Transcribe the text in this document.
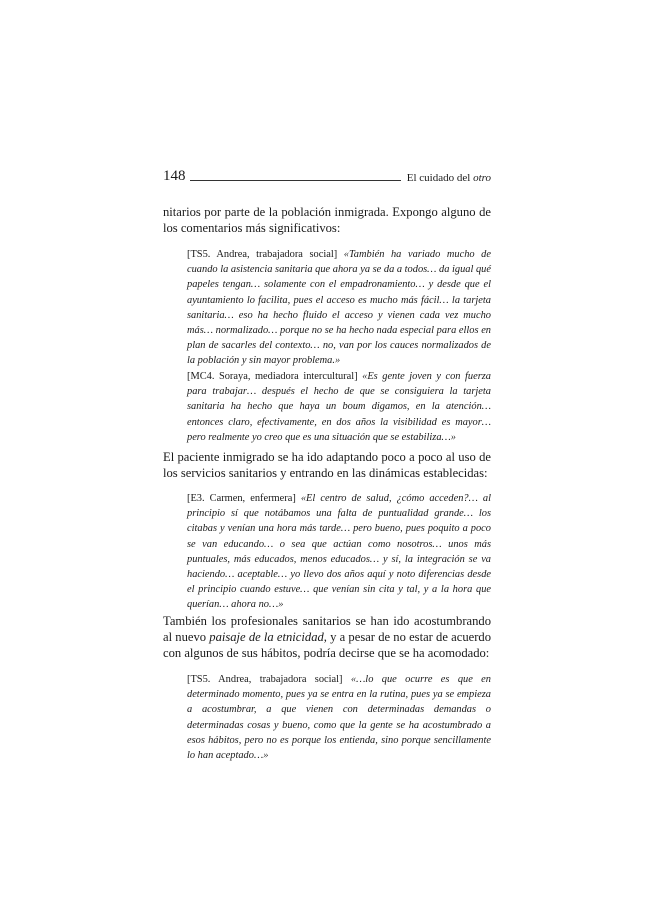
148	El cuidado del otro

nitarios por parte de la población inmigrada. Expongo alguno de los comentarios más significativos:

[TS5. Andrea, trabajadora social] «También ha variado mucho de cuando la asistencia sanitaria que ahora ya se da a todos… da igual qué papeles tengan… solamente con el empadronamiento… y desde que el ayuntamiento lo facilita, pues el acceso es mucho más fácil… la tarjeta sanitaria… eso ha hecho fluido el acceso y vienen cada vez mucho más… normalizado… porque no se ha hecho nada especial para ellos en plan de sacarles del contexto… no, van por los cauces normalizados de la población y sin mayor problema.»

[MC4. Soraya, mediadora intercultural] «Es gente joven y con fuerza para trabajar… después el hecho de que se consiguiera la tarjeta sanitaria ha hecho que haya un boum digamos, en la atención… entonces claro, efectivamente, en dos años la visibilidad es mayor… pero realmente yo creo que es una situación que se estabiliza…»

El paciente inmigrado se ha ido adaptando poco a poco al uso de los servicios sanitarios y entrando en las dinámicas establecidas:

[E3. Carmen, enfermera] «El centro de salud, ¿cómo acceden?… al principio sí que notábamos una falta de puntualidad grande… los citabas y venían una hora más tarde… pero bueno, pues poquito a poco se van educando… o sea que actúan como nosotros… unos más puntuales, más educados, menos educados… y sí, la integración se va haciendo… aceptable… yo llevo dos años aquí y noto diferencias desde el principio cuando estuve… que venían sin cita y tal, y a la hora que querían… ahora no…»

También los profesionales sanitarios se han ido acostumbrando al nuevo paisaje de la etnicidad, y a pesar de no estar de acuerdo con algunos de sus hábitos, podría decirse que se ha acomodado:

[TS5. Andrea, trabajadora social] «…lo que ocurre es que en determinado momento, pues ya se entra en la rutina, pues ya se empieza a acostumbrar, a que vienen con determinadas demandas o determinadas cosas y bueno, como que la gente se ha acostumbrado a esos hábitos, pero no es porque los entienda, sino porque sencillamente lo han aceptado…»
